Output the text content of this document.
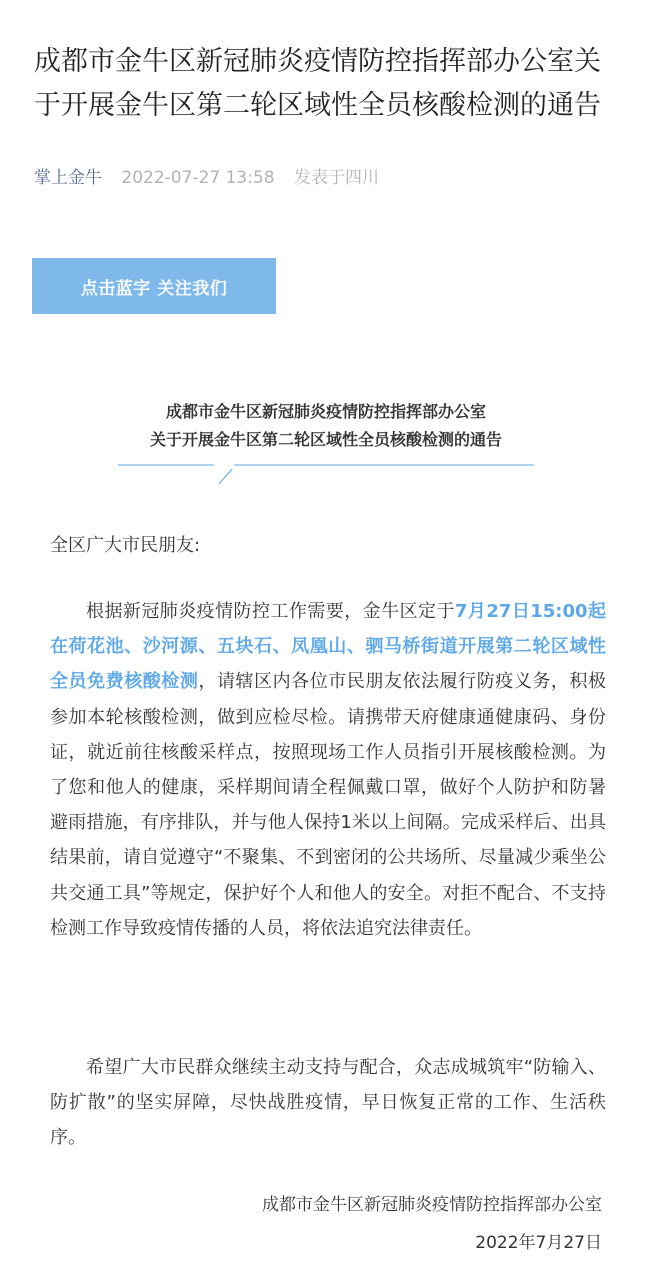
成都市金牛区新冠肺炎疫情防控指挥部办公室关于开展金牛区第二轮区域性全员核酸检测的通告
掌上金牛 2022-07-27 13:58 发表于四川
点击蓝字 关注我们
成都市金牛区新冠肺炎疫情防控指挥部办公室
关于开展金牛区第二轮区域性全员核酸检测的通告
全区广大市民朋友:
根据新冠肺炎疫情防控工作需要，金牛区定于7月27日15:00起在荷花池、沙河源、五块石、凤凰山、驷马桥街道开展第二轮区域性全员免费核酸检测，请辖区内各位市民朋友依法履行防疫义务，积极参加本轮核酸检测，做到应检尽检。请携带天府健康通健康码、身份证，就近前往核酸采样点，按照现场工作人员指引开展核酸检测。为了您和他人的健康，采样期间请全程佩戴口罩，做好个人防护和防暑避雨措施，有序排队，并与他人保持1米以上间隔。完成采样后、出具结果前，请自觉遵守“不聚集、不到密闭的公共场所、尽量减少乘坐公共交通工具”等规定，保护好个人和他人的安全。对拒不配合、不支持检测工作导致疫情传播的人员，将依法追究法律责任。
希望广大市民群众继续主动支持与配合，众志成城筑牢“防输入、防扩散”的坚实屏障，尽快战胜疫情，早日恢复正常的工作、生活秩序。
成都市金牛区新冠肺炎疫情防控指挥部办公室
2022年7月27日
